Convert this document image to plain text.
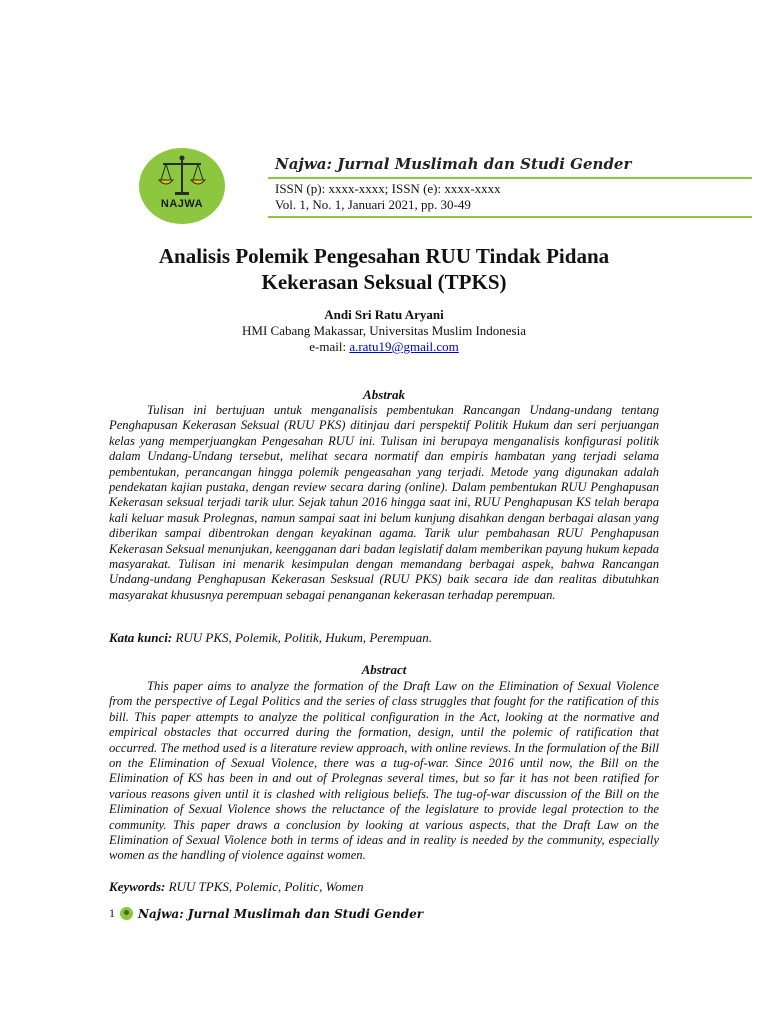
NAJWA
Najwa: Jurnal Muslimah dan Studi Gender
ISSN (p): xxxx-xxxx; ISSN (e): xxxx-xxxx
Vol. 1, No. 1, Januari 2021, pp. 30-49
Analisis Polemik Pengesahan RUU Tindak Pidana
Kekerasan Seksual (TPKS)
Andi Sri Ratu Aryani
HMI Cabang Makassar, Universitas Muslim Indonesia
e-mail: a.ratu19@gmail.com
Abstrak
Tulisan ini bertujuan untuk menganalisis pembentukan Rancangan Undang-undang tentang Penghapusan Kekerasan Seksual (RUU PKS) ditinjau dari perspektif Politik Hukum dan seri perjuangan kelas yang memperjuangkan Pengesahan RUU ini. Tulisan ini berupaya menganalisis konfigurasi politik dalam Undang-Undang tersebut, melihat secara normatif dan empiris hambatan yang terjadi selama pembentukan, perancangan hingga polemik pengeasahan yang terjadi. Metode yang digunakan adalah pendekatan kajian pustaka, dengan review secara daring (online). Dalam pembentukan RUU Penghapusan Kekerasan seksual terjadi tarik ulur. Sejak tahun 2016 hingga saat ini, RUU Penghapusan KS telah berapa kali keluar masuk Prolegnas, namun sampai saat ini belum kunjung disahkan dengan berbagai alasan yang diberikan sampai dibentrokan dengan keyakinan agama. Tarik ulur pembahasan RUU Penghapusan Kekerasan Seksual menunjukan, keengganan dari badan legislatif dalam memberikan payung hukum kepada masyarakat. Tulisan ini menarik kesimpulan dengan memandang berbagai aspek, bahwa Rancangan Undang-undang Penghapusan Kekerasan Sesksual (RUU PKS) baik secara ide dan realitas dibutuhkan masyarakat khususnya perempuan sebagai penanganan kekerasan terhadap perempuan.
Kata kunci: RUU PKS, Polemik, Politik, Hukum, Perempuan.
Abstract
This paper aims to analyze the formation of the Draft Law on the Elimination of Sexual Violence from the perspective of Legal Politics and the series of class struggles that fought for the ratification of this bill. This paper attempts to analyze the political configuration in the Act, looking at the normative and empirical obstacles that occurred during the formation, design, until the polemic of ratification that occurred. The method used is a literature review approach, with online reviews. In the formulation of the Bill on the Elimination of Sexual Violence, there was a tug-of-war. Since 2016 until now, the Bill on the Elimination of KS has been in and out of Prolegnas several times, but so far it has not been ratified for various reasons given until it is clashed with religious beliefs. The tug-of-war discussion of the Bill on the Elimination of Sexual Violence shows the reluctance of the legislature to provide legal protection to the community. This paper draws a conclusion by looking at various aspects, that the Draft Law on the Elimination of Sexual Violence both in terms of ideas and in reality is needed by the community, especially women as the handling of violence against women.
Keywords: RUU TPKS, Polemic, Politic, Women
1 Najwa: Jurnal Muslimah dan Studi Gender
